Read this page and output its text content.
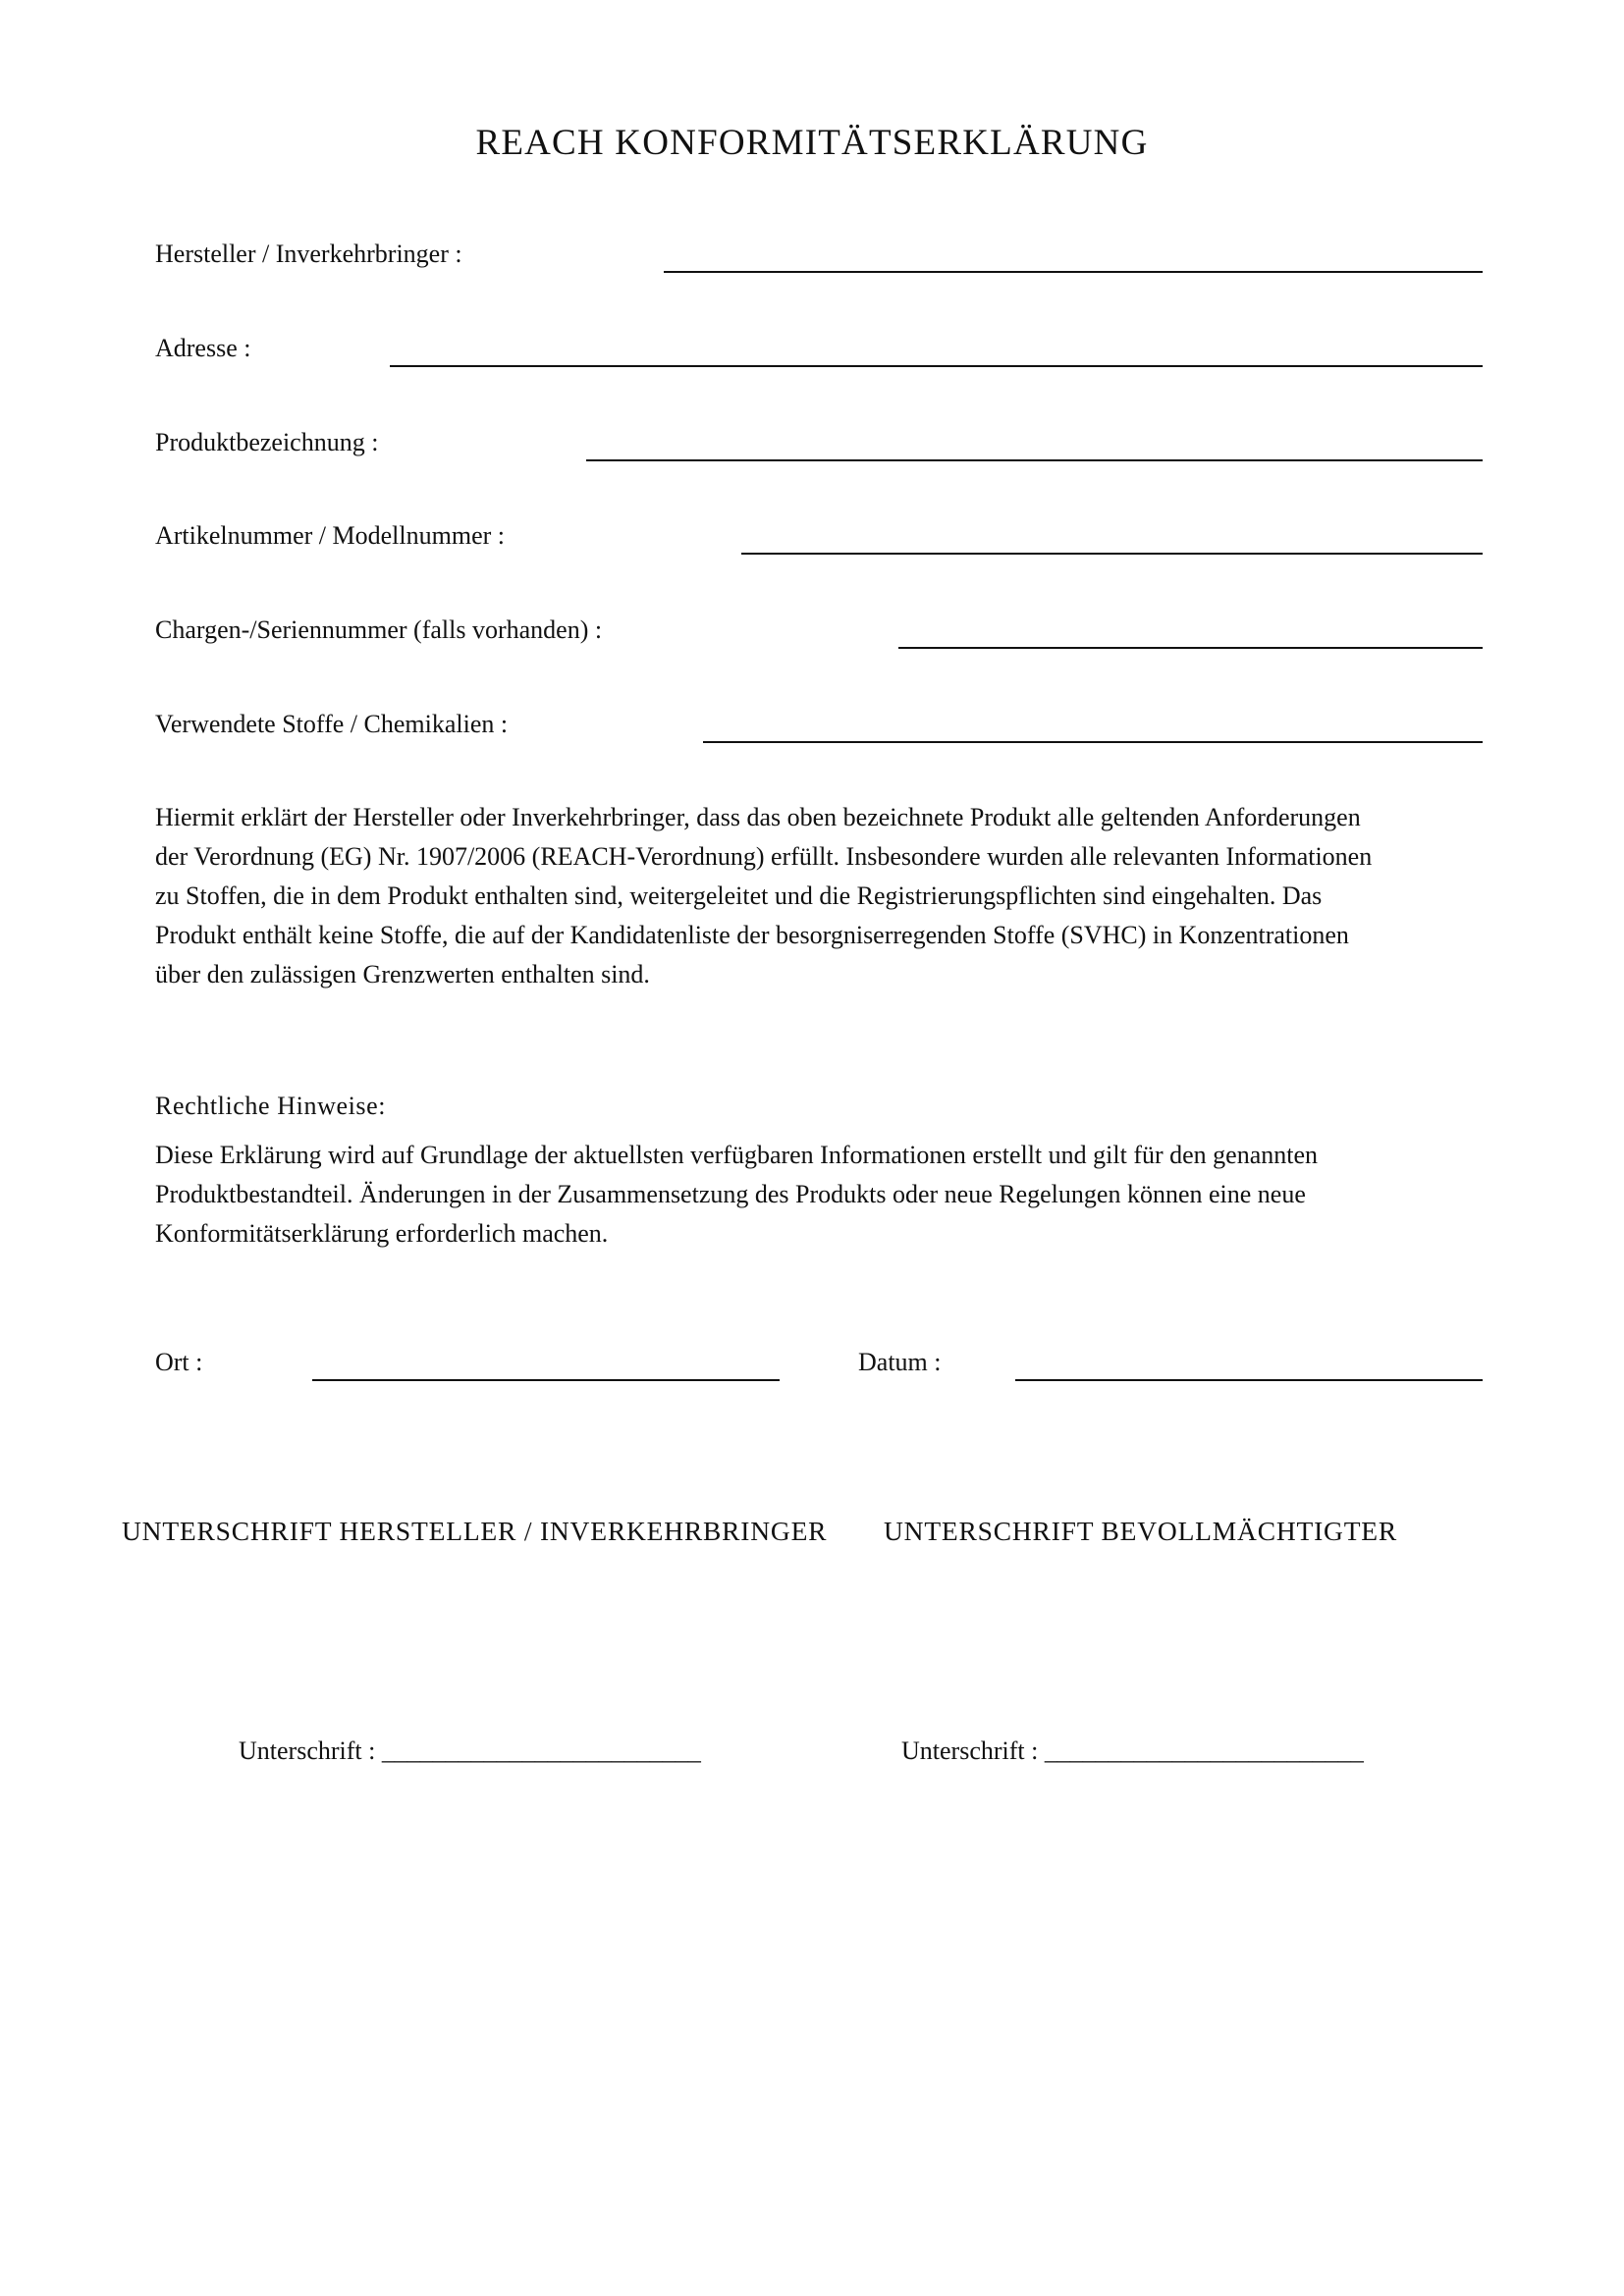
REACH KONFORMITÄTSERKLÄRUNG
Hersteller / Inverkehrbringer :
Adresse :
Produktbezeichnung :
Artikelnummer / Modellnummer :
Chargen-/Seriennummer (falls vorhanden) :
Verwendete Stoffe / Chemikalien :

Hiermit erklärt der Hersteller oder Inverkehrbringer, dass das oben bezeichnete Produkt alle geltenden Anforderungen

der Verordnung (EG) Nr. 1907/2006 (REACH-Verordnung) erfüllt. Insbesondere wurden alle relevanten Informationen

zu Stoffen, die in dem Produkt enthalten sind, weitergeleitet und die Registrierungspflichten sind eingehalten. Das

Produkt enthält keine Stoffe, die auf der Kandidatenliste der besorgniserregenden Stoffe (SVHC) in Konzentrationen

über den zulässigen Grenzwerten enthalten sind.

Rechtliche Hinweise:

Diese Erklärung wird auf Grundlage der aktuellsten verfügbaren Informationen erstellt und gilt für den genannten

Produktbestandteil. Änderungen in der Zusammensetzung des Produkts oder neue Regelungen können eine neue

Konformitätserklärung erforderlich machen.

Ort :	Datum :
UNTERSCHRIFT HERSTELLER / INVERKEHRBRINGER UNTERSCHRIFT BEVOLLMÄCHTIGTER
Unterschrift : _________________________	Unterschrift : _________________________
